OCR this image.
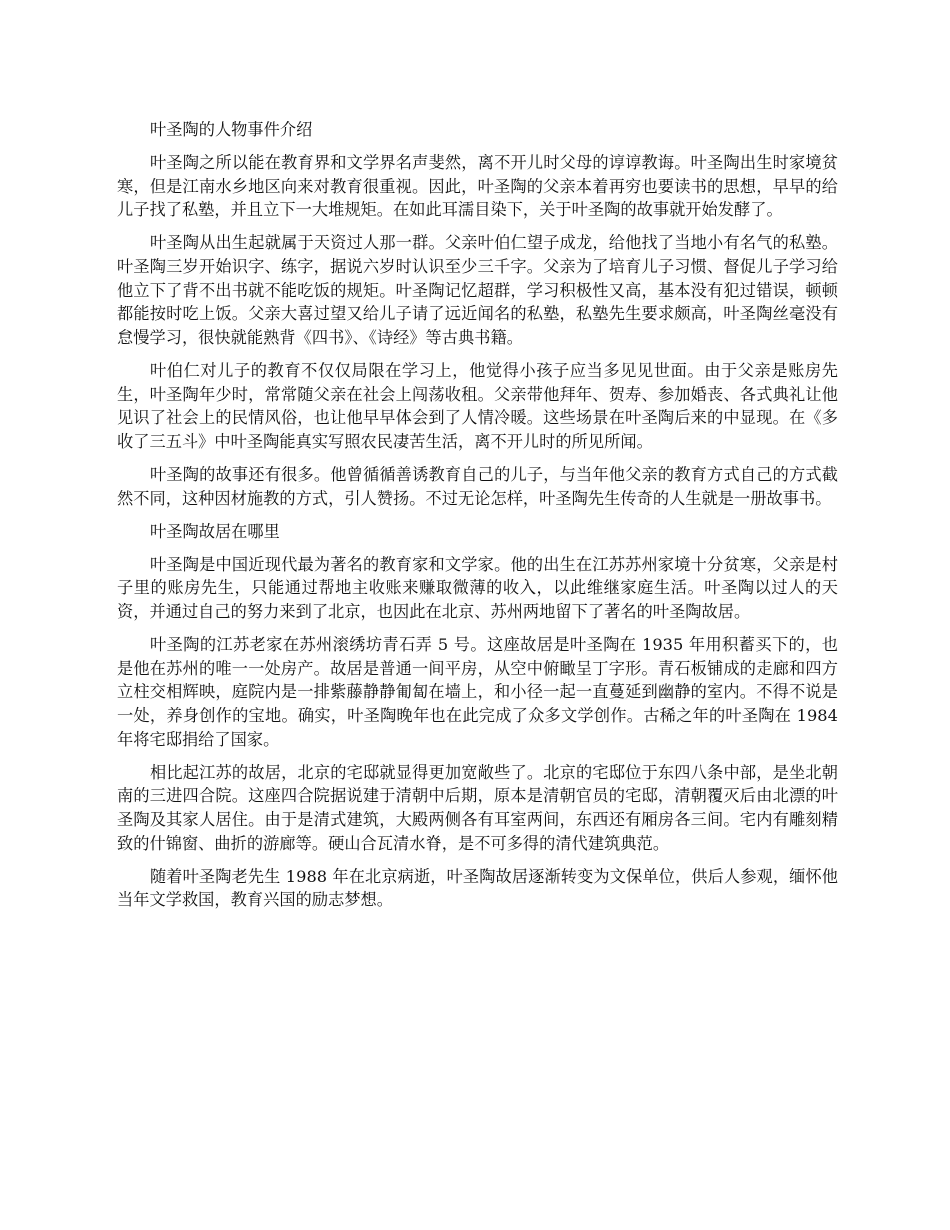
叶圣陶的人物事件介绍

叶圣陶之所以能在教育界和文学界名声斐然，离不开儿时父母的谆谆教诲。叶圣陶出生时家境贫寒，但是江南水乡地区向来对教育很重视。因此，叶圣陶的父亲本着再穷也要读书的思想，早早的给儿子找了私塾，并且立下一大堆规矩。在如此耳濡目染下，关于叶圣陶的故事就开始发酵了。

叶圣陶从出生起就属于天资过人那一群。父亲叶伯仁望子成龙，给他找了当地小有名气的私塾。叶圣陶三岁开始识字、练字，据说六岁时认识至少三千字。父亲为了培育儿子习惯、督促儿子学习给他立下了背不出书就不能吃饭的规矩。叶圣陶记忆超群，学习积极性又高，基本没有犯过错误，顿顿都能按时吃上饭。父亲大喜过望又给儿子请了远近闻名的私塾，私塾先生要求颇高，叶圣陶丝毫没有怠慢学习，很快就能熟背《四书》、《诗经》等古典书籍。

叶伯仁对儿子的教育不仅仅局限在学习上，他觉得小孩子应当多见见世面。由于父亲是账房先生，叶圣陶年少时，常常随父亲在社会上闯荡收租。父亲带他拜年、贺寿、参加婚丧、各式典礼让他见识了社会上的民情风俗，也让他早早体会到了人情冷暖。这些场景在叶圣陶后来的中显现。在《多收了三五斗》中叶圣陶能真实写照农民凄苦生活，离不开儿时的所见所闻。

叶圣陶的故事还有很多。他曾循循善诱教育自己的儿子，与当年他父亲的教育方式自己的方式截然不同，这种因材施教的方式，引人赞扬。不过无论怎样，叶圣陶先生传奇的人生就是一册故事书。

叶圣陶故居在哪里

叶圣陶是中国近现代最为著名的教育家和文学家。他的出生在江苏苏州家境十分贫寒，父亲是村子里的账房先生，只能通过帮地主收账来赚取微薄的收入，以此维继家庭生活。叶圣陶以过人的天资，并通过自己的努力来到了北京，也因此在北京、苏州两地留下了著名的叶圣陶故居。

叶圣陶的江苏老家在苏州滚绣坊青石弄 5 号。这座故居是叶圣陶在 1935 年用积蓄买下的，也是他在苏州的唯一一处房产。故居是普通一间平房，从空中俯瞰呈丁字形。青石板铺成的走廊和四方立柱交相辉映，庭院内是一排紫藤静静匍匐在墙上，和小径一起一直蔓延到幽静的室内。不得不说是一处，养身创作的宝地。确实，叶圣陶晚年也在此完成了众多文学创作。古稀之年的叶圣陶在 1984 年将宅邸捐给了国家。

相比起江苏的故居，北京的宅邸就显得更加宽敞些了。北京的宅邸位于东四八条中部，是坐北朝南的三进四合院。这座四合院据说建于清朝中后期，原本是清朝官员的宅邸，清朝覆灭后由北漂的叶圣陶及其家人居住。由于是清式建筑，大殿两侧各有耳室两间，东西还有厢房各三间。宅内有雕刻精致的什锦窗、曲折的游廊等。硬山合瓦清水脊，是不可多得的清代建筑典范。

随着叶圣陶老先生 1988 年在北京病逝，叶圣陶故居逐渐转变为文保单位，供后人参观，缅怀他当年文学救国，教育兴国的励志梦想。
